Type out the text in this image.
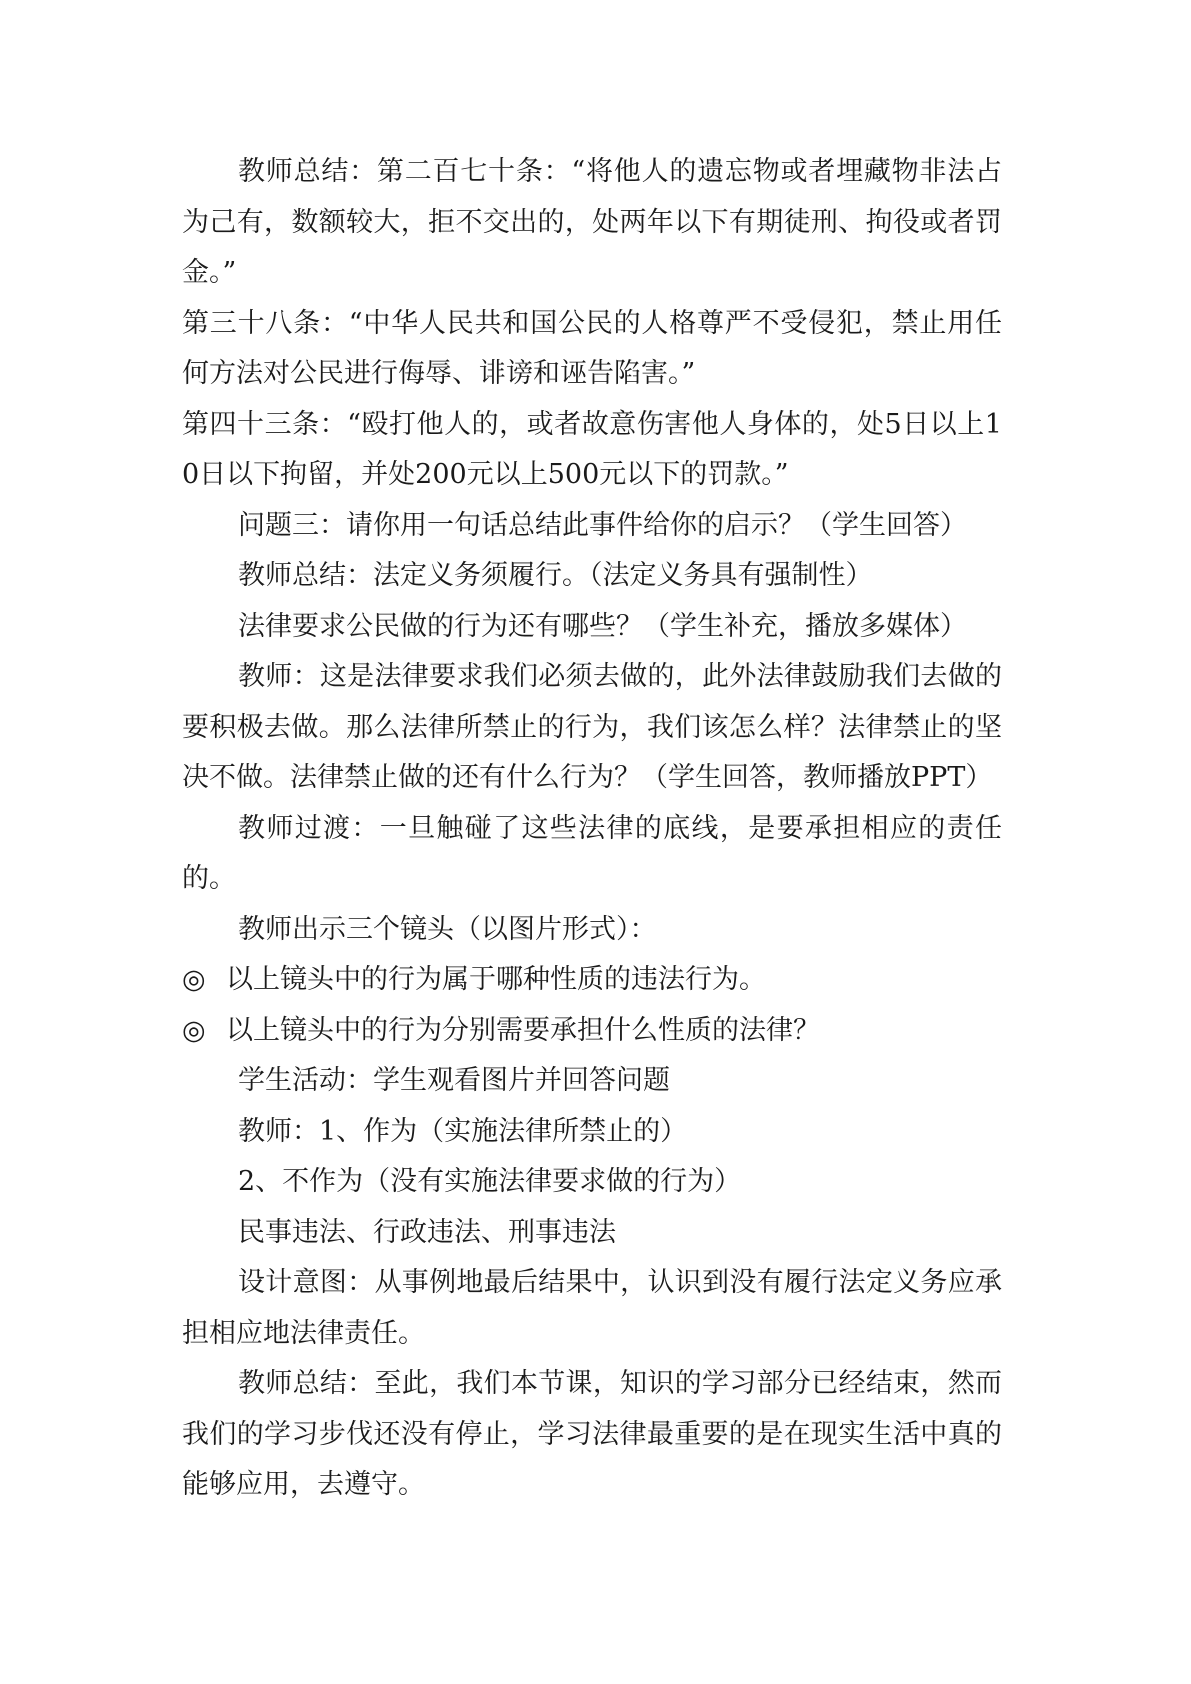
教师总结：第二百七十条：“将他人的遗忘物或者埋藏物非法占为己有，数额较大，拒不交出的，处两年以下有期徒刑、拘役或者罚金。”

第三十八条：“中华人民共和国公民的人格尊严不受侵犯，禁止用任何方法对公民进行侮辱、诽谤和诬告陷害。”

第四十三条：“殴打他人的，或者故意伤害他人身体的，处5日以上10日以下拘留，并处200元以上500元以下的罚款。”

问题三：请你用一句话总结此事件给你的启示？（学生回答）

教师总结：法定义务须履行。（法定义务具有强制性）

法律要求公民做的行为还有哪些？（学生补充，播放多媒体）

教师：这是法律要求我们必须去做的，此外法律鼓励我们去做的要积极去做。那么法律所禁止的行为，我们该怎么样？法律禁止的坚决不做。法律禁止做的还有什么行为？（学生回答，教师播放PPT）

教师过渡：一旦触碰了这些法律的底线，是要承担相应的责任的。

教师出示三个镜头（以图片形式）：

◎ 以上镜头中的行为属于哪种性质的违法行为。
◎ 以上镜头中的行为分别需要承担什么性质的法律？

学生活动：学生观看图片并回答问题

教师：1、作为（实施法律所禁止的）

2、不作为（没有实施法律要求做的行为）

民事违法、行政违法、刑事违法

设计意图：从事例地最后结果中，认识到没有履行法定义务应承担相应地法律责任。

教师总结：至此，我们本节课，知识的学习部分已经结束，然而我们的学习步伐还没有停止，学习法律最重要的是在现实生活中真的能够应用，去遵守。
